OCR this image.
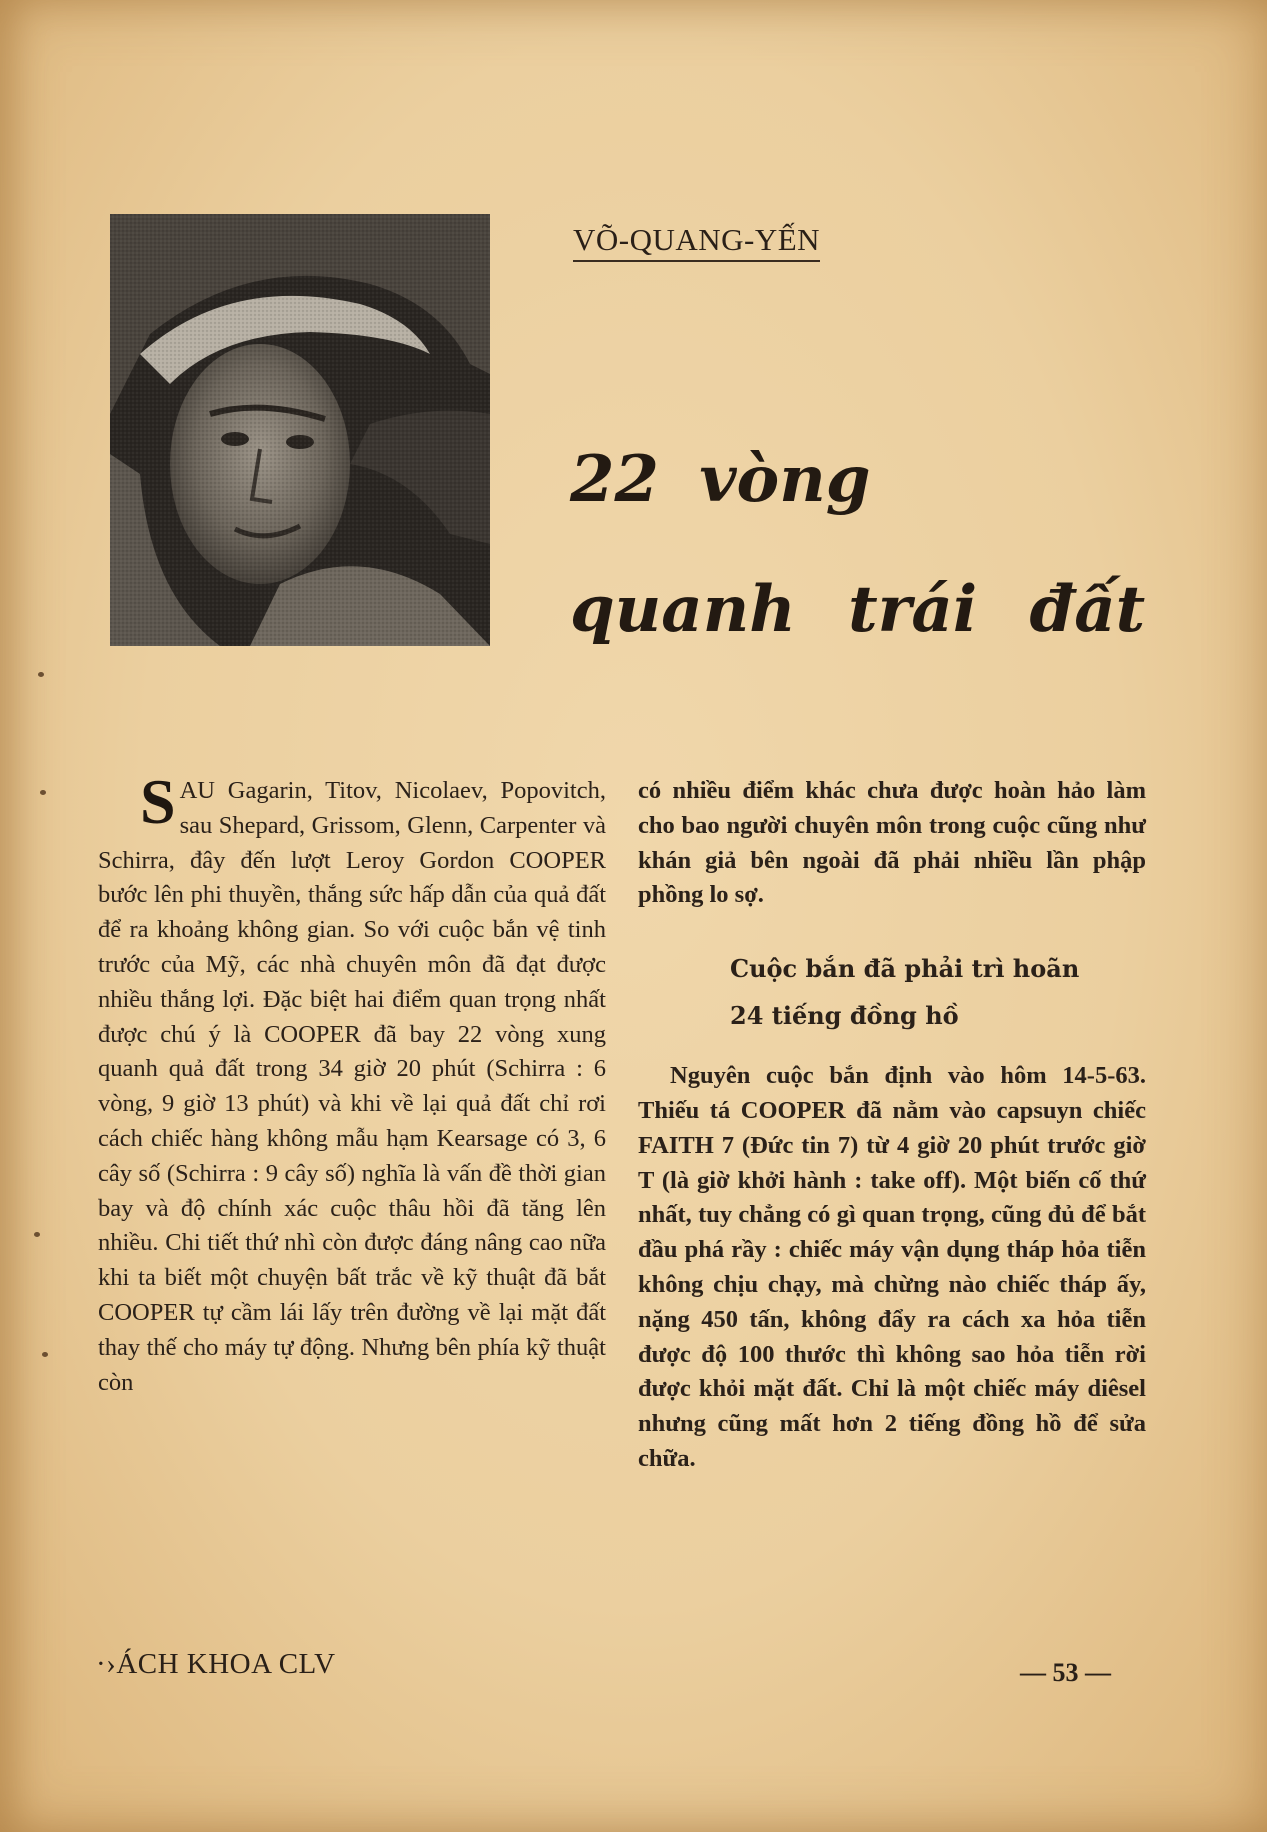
VÕ-QUANG-YẾN
22 vòng
quanh trái đất

SAU Gagarin, Titov, Nicolaev, Popovitch, sau Shepard, Grissom, Glenn, Carpenter và Schirra, đây đến lượt Leroy Gordon COOPER bước lên phi thuyền, thắng sức hấp dẫn của quả đất để ra khoảng không gian. So với cuộc bắn vệ tinh trước của Mỹ, các nhà chuyên môn đã đạt được nhiều thắng lợi. Đặc biệt hai điểm quan trọng nhất được chú ý là COOPER đã bay 22 vòng xung quanh quả đất trong 34 giờ 20 phút (Schirra : 6 vòng, 9 giờ 13 phút) và khi về lại quả đất chỉ rơi cách chiếc hàng không mẫu hạm Kearsage có 3, 6 cây số (Schirra : 9 cây số) nghĩa là vấn đề thời gian bay và độ chính xác cuộc thâu hồi đã tăng lên nhiều. Chi tiết thứ nhì còn được đáng nâng cao nữa khi ta biết một chuyện bất trắc về kỹ thuật đã bắt COOPER tự cầm lái lấy trên đường về lại mặt đất thay thế cho máy tự động. Nhưng bên phía kỹ thuật còn

có nhiều điểm khác chưa được hoàn hảo làm cho bao người chuyên môn trong cuộc cũng như khán giả bên ngoài đã phải nhiều lần phập phồng lo sợ.

Cuộc bắn đã phải trì hoãn
24 tiếng đồng hồ

Nguyên cuộc bắn định vào hôm 14-5-63. Thiếu tá COOPER đã nằm vào capsuyn chiếc FAITH 7 (Đức tin 7) từ 4 giờ 20 phút trước giờ T (là giờ khởi hành : take off). Một biến cố thứ nhất, tuy chẳng có gì quan trọng, cũng đủ để bắt đầu phá rầy : chiếc máy vận dụng tháp hỏa tiễn không chịu chạy, mà chừng nào chiếc tháp ấy, nặng 450 tấn, không đẩy ra cách xa hỏa tiễn được độ 100 thước thì không sao hỏa tiễn rời được khỏi mặt đất. Chỉ là một chiếc máy diêsel nhưng cũng mất hơn 2 tiếng đồng hồ để sửa chữa.

·›ÁCH KHOA CLV	— 53 —
